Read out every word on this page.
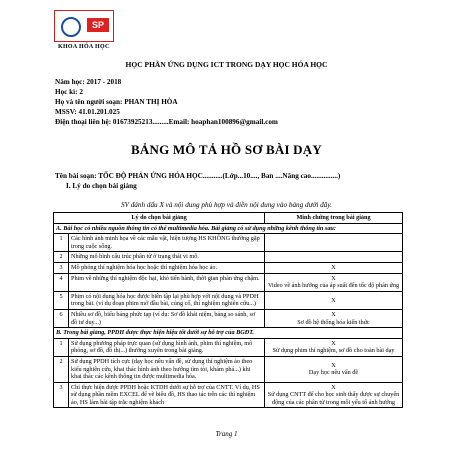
SP
KHOA HÓA HỌC
HỌC PHẦN ỨNG DỤNG ICT TRONG DẠY HỌC HÓA HỌC
Năm học: 2017 - 2018
Học kì: 2
Họ và tên người soạn: PHAN THỊ HÒA
MSSV: 41.01.201.025
Điện thoại liên hệ: 01673925213.........Email: hoaphan100896@gmail.com
BẢNG MÔ TẢ HỒ SƠ BÀI DẠY
Tên bài soạn: TỐC ĐỘ PHẢN ỨNG HÓA HỌC...........(Lớp...10...., Ban ....Nâng cao...............)
I. Lý do chọn bài giảng
SV đánh dấu X và nội dung phù hợp và điền nội dung vào bảng dưới đây.
Lý do chọn bài giảng		Minh chứng trong bài giảng
A. Bài học có nhiều nguồn thông tin có thể multimedia hóa. Bài giảng có sử dụng những kênh thông tin sau:		
1	Các hình ảnh minh họa về các mẫu vật, hiện tượng HS KHÔNG thường gặp trong cuộc sống.	
2	Những mô hình cấu trúc phân tử ở trạng thái vi mô.	
3	Mô phỏng thí nghiệm hóa học hoặc thí nghiệm hóa học ảo.	X
4	Phim về những thí nghiệm độc hại, khó tiến hành, thời gian phản ứng chậm.	X
Video về ảnh hưởng của áp suất đến tốc độ phản ứng
5	Phim có nội dung hóa học được biên tập lại phù hợp với nội dung và PPDH trong bài. (ví dụ đoạn phim mở đầu bài, củng cố, thí nghiệm nghiên cứu...)	X
6	Nhiều sơ đồ, biểu bảng phức tạp (ví dụ: Sơ đồ khái niệm, bảng so sánh, sơ đồ tư duy...)	X
Sơ đồ hệ thống hóa kiến thức
B. Trong bài giảng, PPDH được thực hiện hiệu tốt dưới sự hỗ trợ của BGĐT.		
1	Sử dụng phương pháp trực quan (sử dụng hình ảnh, phim thí nghiệm, mô phỏng, sơ đồ, đồ thị...) thường xuyên trong bài giảng.	X
Sử dụng phim thí nghiệm, sơ đồ cho toàn bài dạy
2	Sử dụng PPDH tích cực (dạy học nêu vấn đề, sử dụng thí nghiệm ảo theo kiểu nghiên cứu, khai thác hình ảnh theo hướng tìm tòi, khám phá...) khi khai thác các kênh thông tin được multimedia hóa.	X
Dạy học nêu vấn đề
3	Chỉ thực hiện được PPDH hoặc KTDH dưới sự hỗ trợ của CNTT. Ví dụ, HS sử dụng phần mềm EXCEL để vẽ biểu đồ, HS thao tác trên các thí nghiệm ảo, HS làm bài tập trắc nghiệm khách	X
Sử dụng CNTT để cho học sinh thấy được sự chuyển động của các phân tử trong mối yếu tố ảnh hưởng
Trang 1
